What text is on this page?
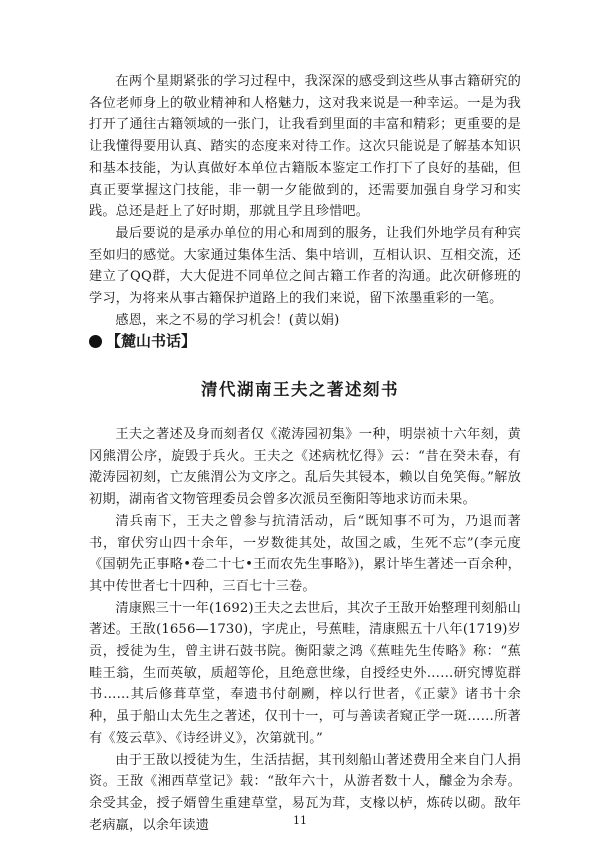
在两个星期紧张的学习过程中，我深深的感受到这些从事古籍研究的各位老师身上的敬业精神和人格魅力，这对我来说是一种幸运。一是为我打开了通往古籍领域的一张门，让我看到里面的丰富和精彩；更重要的是让我懂得要用认真、踏实的态度来对待工作。这次只能说是了解基本知识和基本技能，为认真做好本单位古籍版本鉴定工作打下了良好的基础，但真正要掌握这门技能，非一朝一夕能做到的，还需要加强自身学习和实践。总还是赶上了好时期，那就且学且珍惜吧。

最后要说的是承办单位的用心和周到的服务，让我们外地学员有种宾至如归的感觉。大家通过集体生活、集中培训，互相认识、互相交流，还建立了QQ群，大大促进不同单位之间古籍工作者的沟通。此次研修班的学习，为将来从事古籍保护道路上的我们来说，留下浓墨重彩的一笔。

感恩，来之不易的学习机会！(黄以娟)

【麓山书话】
清代湖南王夫之著述刻书

王夫之著述及身而刻者仅《漧涛园初集》一种，明崇祯十六年刻，黄冈熊渭公序，旋毁于兵火。王夫之《述病枕忆得》云：“昔在癸未春，有漧涛园初刻，亡友熊渭公为文序之。乱后失其锓本，赖以自免笑侮。”解放初期，湖南省文物管理委员会曾多次派员至衡阳等地求访而未果。

清兵南下，王夫之曾参与抗清活动，后“既知事不可为，乃退而著书，窜伏穷山四十余年，一岁数徙其处，故国之戚，生死不忘”(李元度《国朝先正事略•卷二十七•王而农先生事略》)，累计毕生著述一百余种，其中传世者七十四种，三百七十三卷。

清康熙三十一年(1692)王夫之去世后，其次子王敔开始整理刊刻船山著述。王敔(1656—1730)，字虎止，号蕉畦，清康熙五十八年(1719)岁贡，授徒为生，曾主讲石鼓书院。衡阳蒙之鸿《蕉畦先生传略》称：“蕉畦王翁，生而英敏，质超等伦，且绝意世缘，自授经史外……研究博览群书……其后修葺草堂，奉遗书付剞劂，梓以行世者，《正蒙》诸书十余种，虽于船山太先生之著述，仅刊十一，可与善读者窥正学一斑……所著有《笈云草》、《诗经讲义》，次第就刊。”

由于王敔以授徒为生，生活拮据，其刊刻船山著述费用全来自门人捐资。王敔《湘西草堂记》载：“敔年六十，从游者数十人，醵金为余寿。余受其金，授子婿曾生重建草堂，易瓦为茸，支椽以栌，炼砖以砌。敔年老病羸，以余年读遗	11
